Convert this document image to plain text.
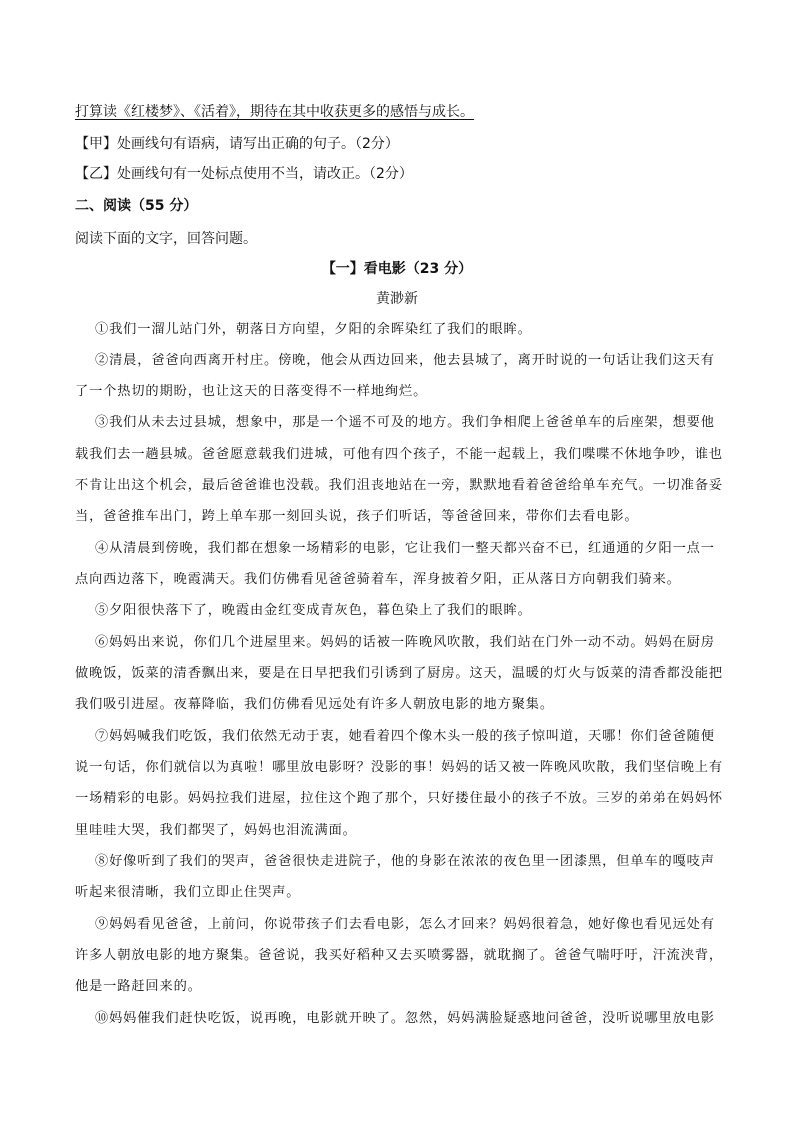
打算读《红楼梦》、《活着》，期待在其中收获更多的感悟与成长。
【甲】处画线句有语病，请写出正确的句子。（2分）
【乙】处画线句有一处标点使用不当，请改正。（2分）
二、阅读（55 分）
阅读下面的文字，回答问题。
【一】看电影（23 分）
黄渺新
①我们一溜儿站门外，朝落日方向望，夕阳的余晖染红了我们的眼眸。
②清晨，爸爸向西离开村庄。傍晚，他会从西边回来，他去县城了，离开时说的一句话让我们这天有
了一个热切的期盼，也让这天的日落变得不一样地绚烂。
③我们从未去过县城，想象中，那是一个遥不可及的地方。我们争相爬上爸爸单车的后座架，想要他
载我们去一趟县城。爸爸愿意载我们进城，可他有四个孩子，不能一起载上，我们喋喋不休地争吵，谁也
不肯让出这个机会，最后爸爸谁也没载。我们沮丧地站在一旁，默默地看着爸爸给单车充气。一切准备妥
当，爸爸推车出门，跨上单车那一刻回头说，孩子们听话，等爸爸回来，带你们去看电影。
④从清晨到傍晚，我们都在想象一场精彩的电影，它让我们一整天都兴奋不已，红通通的夕阳一点一
点向西边落下，晚霞满天。我们仿佛看见爸爸骑着车，浑身披着夕阳，正从落日方向朝我们骑来。
⑤夕阳很快落下了，晚霞由金红变成青灰色，暮色染上了我们的眼眸。
⑥妈妈出来说，你们几个进屋里来。妈妈的话被一阵晚风吹散，我们站在门外一动不动。妈妈在厨房
做晚饭，饭菜的清香飘出来，要是在日早把我们引诱到了厨房。这天，温暖的灯火与饭菜的清香都没能把
我们吸引进屋。夜幕降临，我们仿佛看见远处有许多人朝放电影的地方聚集。
⑦妈妈喊我们吃饭，我们依然无动于衷，她看着四个像木头一般的孩子惊叫道，天哪！你们爸爸随便
说一句话，你们就信以为真啦！哪里放电影呀？没影的事！妈妈的话又被一阵晚风吹散，我们坚信晚上有
一场精彩的电影。妈妈拉我们进屋，拉住这个跑了那个，只好搂住最小的孩子不放。三岁的弟弟在妈妈怀
里哇哇大哭，我们都哭了，妈妈也泪流满面。
⑧好像听到了我们的哭声，爸爸很快走进院子，他的身影在浓浓的夜色里一团漆黑，但单车的嘎吱声
听起来很清晰，我们立即止住哭声。
⑨妈妈看见爸爸，上前问，你说带孩子们去看电影，怎么才回来？妈妈很着急，她好像也看见远处有
许多人朝放电影的地方聚集。爸爸说，我买好稻种又去买喷雾器，就耽搁了。爸爸气喘吁吁，汗流浃背，
他是一路赶回来的。
⑩妈妈催我们赶快吃饭，说再晚，电影就开映了。忽然，妈妈满脸疑惑地问爸爸，没听说哪里放电影
